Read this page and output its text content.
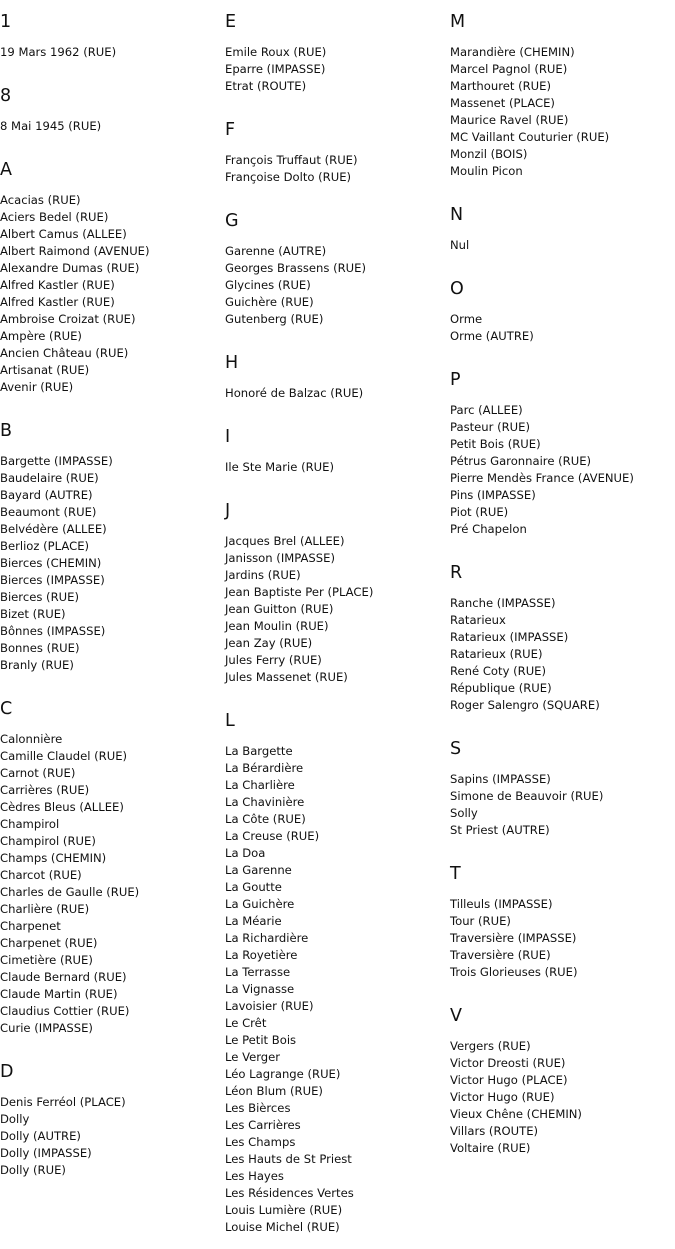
1
19 Mars 1962 (RUE)
8
8 Mai 1945 (RUE)
A
Acacias (RUE)
Aciers Bedel (RUE)
Albert Camus (ALLEE)
Albert Raimond (AVENUE)
Alexandre Dumas (RUE)
Alfred Kastler (RUE)
Alfred Kastler (RUE)
Ambroise Croizat (RUE)
Ampère (RUE)
Ancien Château (RUE)
Artisanat (RUE)
Avenir (RUE)
B
Bargette (IMPASSE)
Baudelaire (RUE)
Bayard (AUTRE)
Beaumont (RUE)
Belvédère (ALLEE)
Berlioz (PLACE)
Bierces (CHEMIN)
Bierces (IMPASSE)
Bierces (RUE)
Bizet (RUE)
Bônnes (IMPASSE)
Bonnes (RUE)
Branly (RUE)
C
Calonnière
Camille Claudel (RUE)
Carnot (RUE)
Carrières (RUE)
Cèdres Bleus (ALLEE)
Champirol
Champirol (RUE)
Champs (CHEMIN)
Charcot (RUE)
Charles de Gaulle (RUE)
Charlière (RUE)
Charpenet
Charpenet (RUE)
Cimetière (RUE)
Claude Bernard (RUE)
Claude Martin (RUE)
Claudius Cottier (RUE)
Curie (IMPASSE)
D
Denis Ferréol (PLACE)
Dolly
Dolly (AUTRE)
Dolly (IMPASSE)
Dolly (RUE)
E
Emile Roux (RUE)
Eparre (IMPASSE)
Etrat (ROUTE)
F
François Truffaut (RUE)
Françoise Dolto (RUE)
G
Garenne (AUTRE)
Georges Brassens (RUE)
Glycines (RUE)
Guichère (RUE)
Gutenberg (RUE)
H
Honoré de Balzac (RUE)
I
Ile Ste Marie (RUE)
J
Jacques Brel (ALLEE)
Janisson (IMPASSE)
Jardins (RUE)
Jean Baptiste Per (PLACE)
Jean Guitton (RUE)
Jean Moulin (RUE)
Jean Zay (RUE)
Jules Ferry (RUE)
Jules Massenet (RUE)
L
La Bargette
La Bérardière
La Charlière
La Chavinière
La Côte (RUE)
La Creuse (RUE)
La Doa
La Garenne
La Goutte
La Guichère
La Méarie
La Richardière
La Royetière
La Terrasse
La Vignasse
Lavoisier (RUE)
Le Crêt
Le Petit Bois
Le Verger
Léo Lagrange (RUE)
Léon Blum (RUE)
Les Bièrces
Les Carrières
Les Champs
Les Hauts de St Priest
Les Hayes
Les Résidences Vertes
Louis Lumière (RUE)
Louise Michel (RUE)
M
Marandière (CHEMIN)
Marcel Pagnol (RUE)
Marthouret (RUE)
Massenet (PLACE)
Maurice Ravel (RUE)
MC Vaillant Couturier (RUE)
Monzil (BOIS)
Moulin Picon
N
Nul
O
Orme
Orme (AUTRE)
P
Parc (ALLEE)
Pasteur (RUE)
Petit Bois (RUE)
Pétrus Garonnaire (RUE)
Pierre Mendès France (AVENUE)
Pins (IMPASSE)
Piot (RUE)
Pré Chapelon
R
Ranche (IMPASSE)
Ratarieux
Ratarieux (IMPASSE)
Ratarieux (RUE)
René Coty (RUE)
République (RUE)
Roger Salengro (SQUARE)
S
Sapins (IMPASSE)
Simone de Beauvoir (RUE)
Solly
St Priest (AUTRE)
T
Tilleuls (IMPASSE)
Tour (RUE)
Traversière (IMPASSE)
Traversière (RUE)
Trois Glorieuses (RUE)
V
Vergers (RUE)
Victor Dreosti (RUE)
Victor Hugo (PLACE)
Victor Hugo (RUE)
Vieux Chêne (CHEMIN)
Villars (ROUTE)
Voltaire (RUE)
